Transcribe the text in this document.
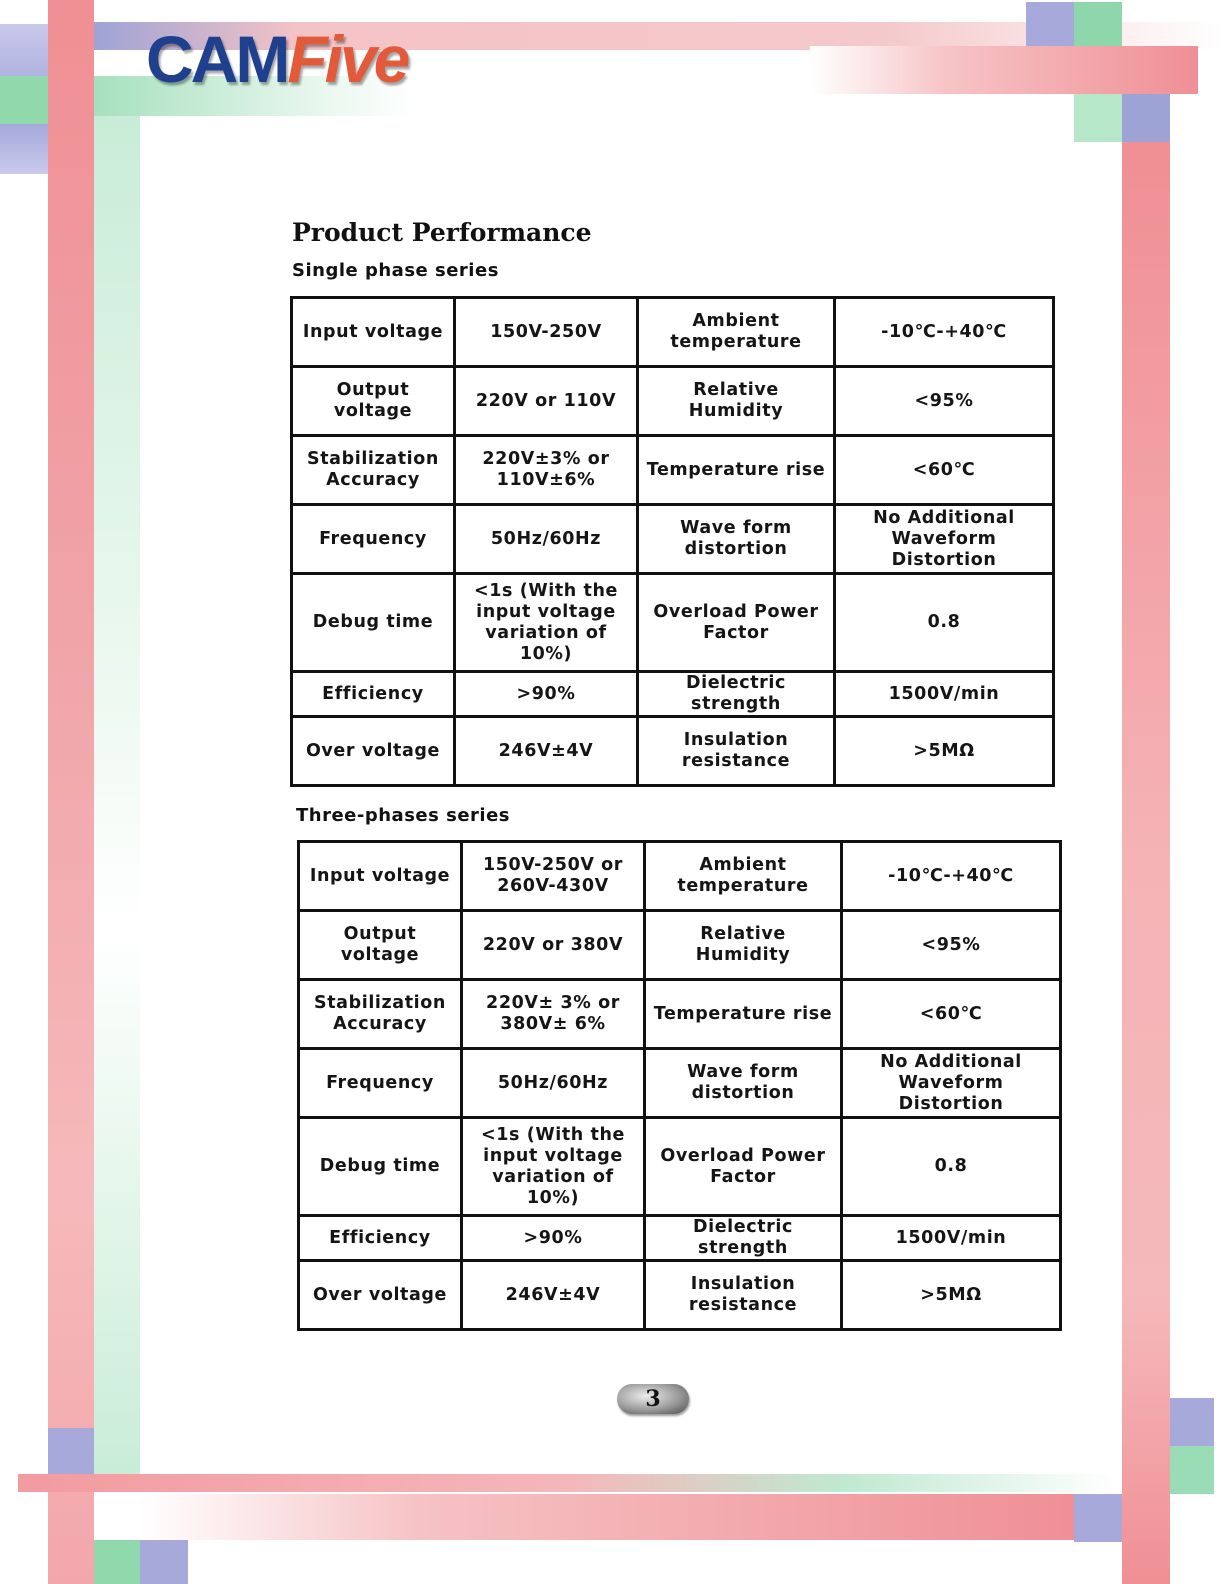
CAMFive
Product Performance
Single phase series
Input voltage	150V-250V	Ambient
temperature	-10℃-+40℃

Output voltage	220V or 110V	Relative Humidity	<95%

Stabilization
Accuracy	220V±3% or
110V±6%	Temperature rise	<60℃

Frequency	50Hz/60Hz	Wave form
distortion	No Additional
Waveform Distortion

Debug time	<1s (With the
input voltage
variation of 10%)	Overload Power
Factor	0.8

Efficiency	>90%	Dielectric strength	1500V/min

Over voltage	246V±4V	Insulation
resistance	>5MΩ
Three-phases series
Input voltage	150V-250V or
260V-430V	Ambient
temperature	-10℃-+40℃

Output voltage	220V or 380V	Relative Humidity	<95%

Stabilization
Accuracy	220V± 3% or
380V± 6%	Temperature rise	<60℃

Frequency	50Hz/60Hz	Wave form
distortion	No Additional
Waveform Distortion

Debug time	<1s (With the
input voltage
variation of 10%)	Overload Power
Factor	0.8

Efficiency	>90%	Dielectric strength	1500V/min

Over voltage	246V±4V	Insulation
resistance	>5MΩ
3
